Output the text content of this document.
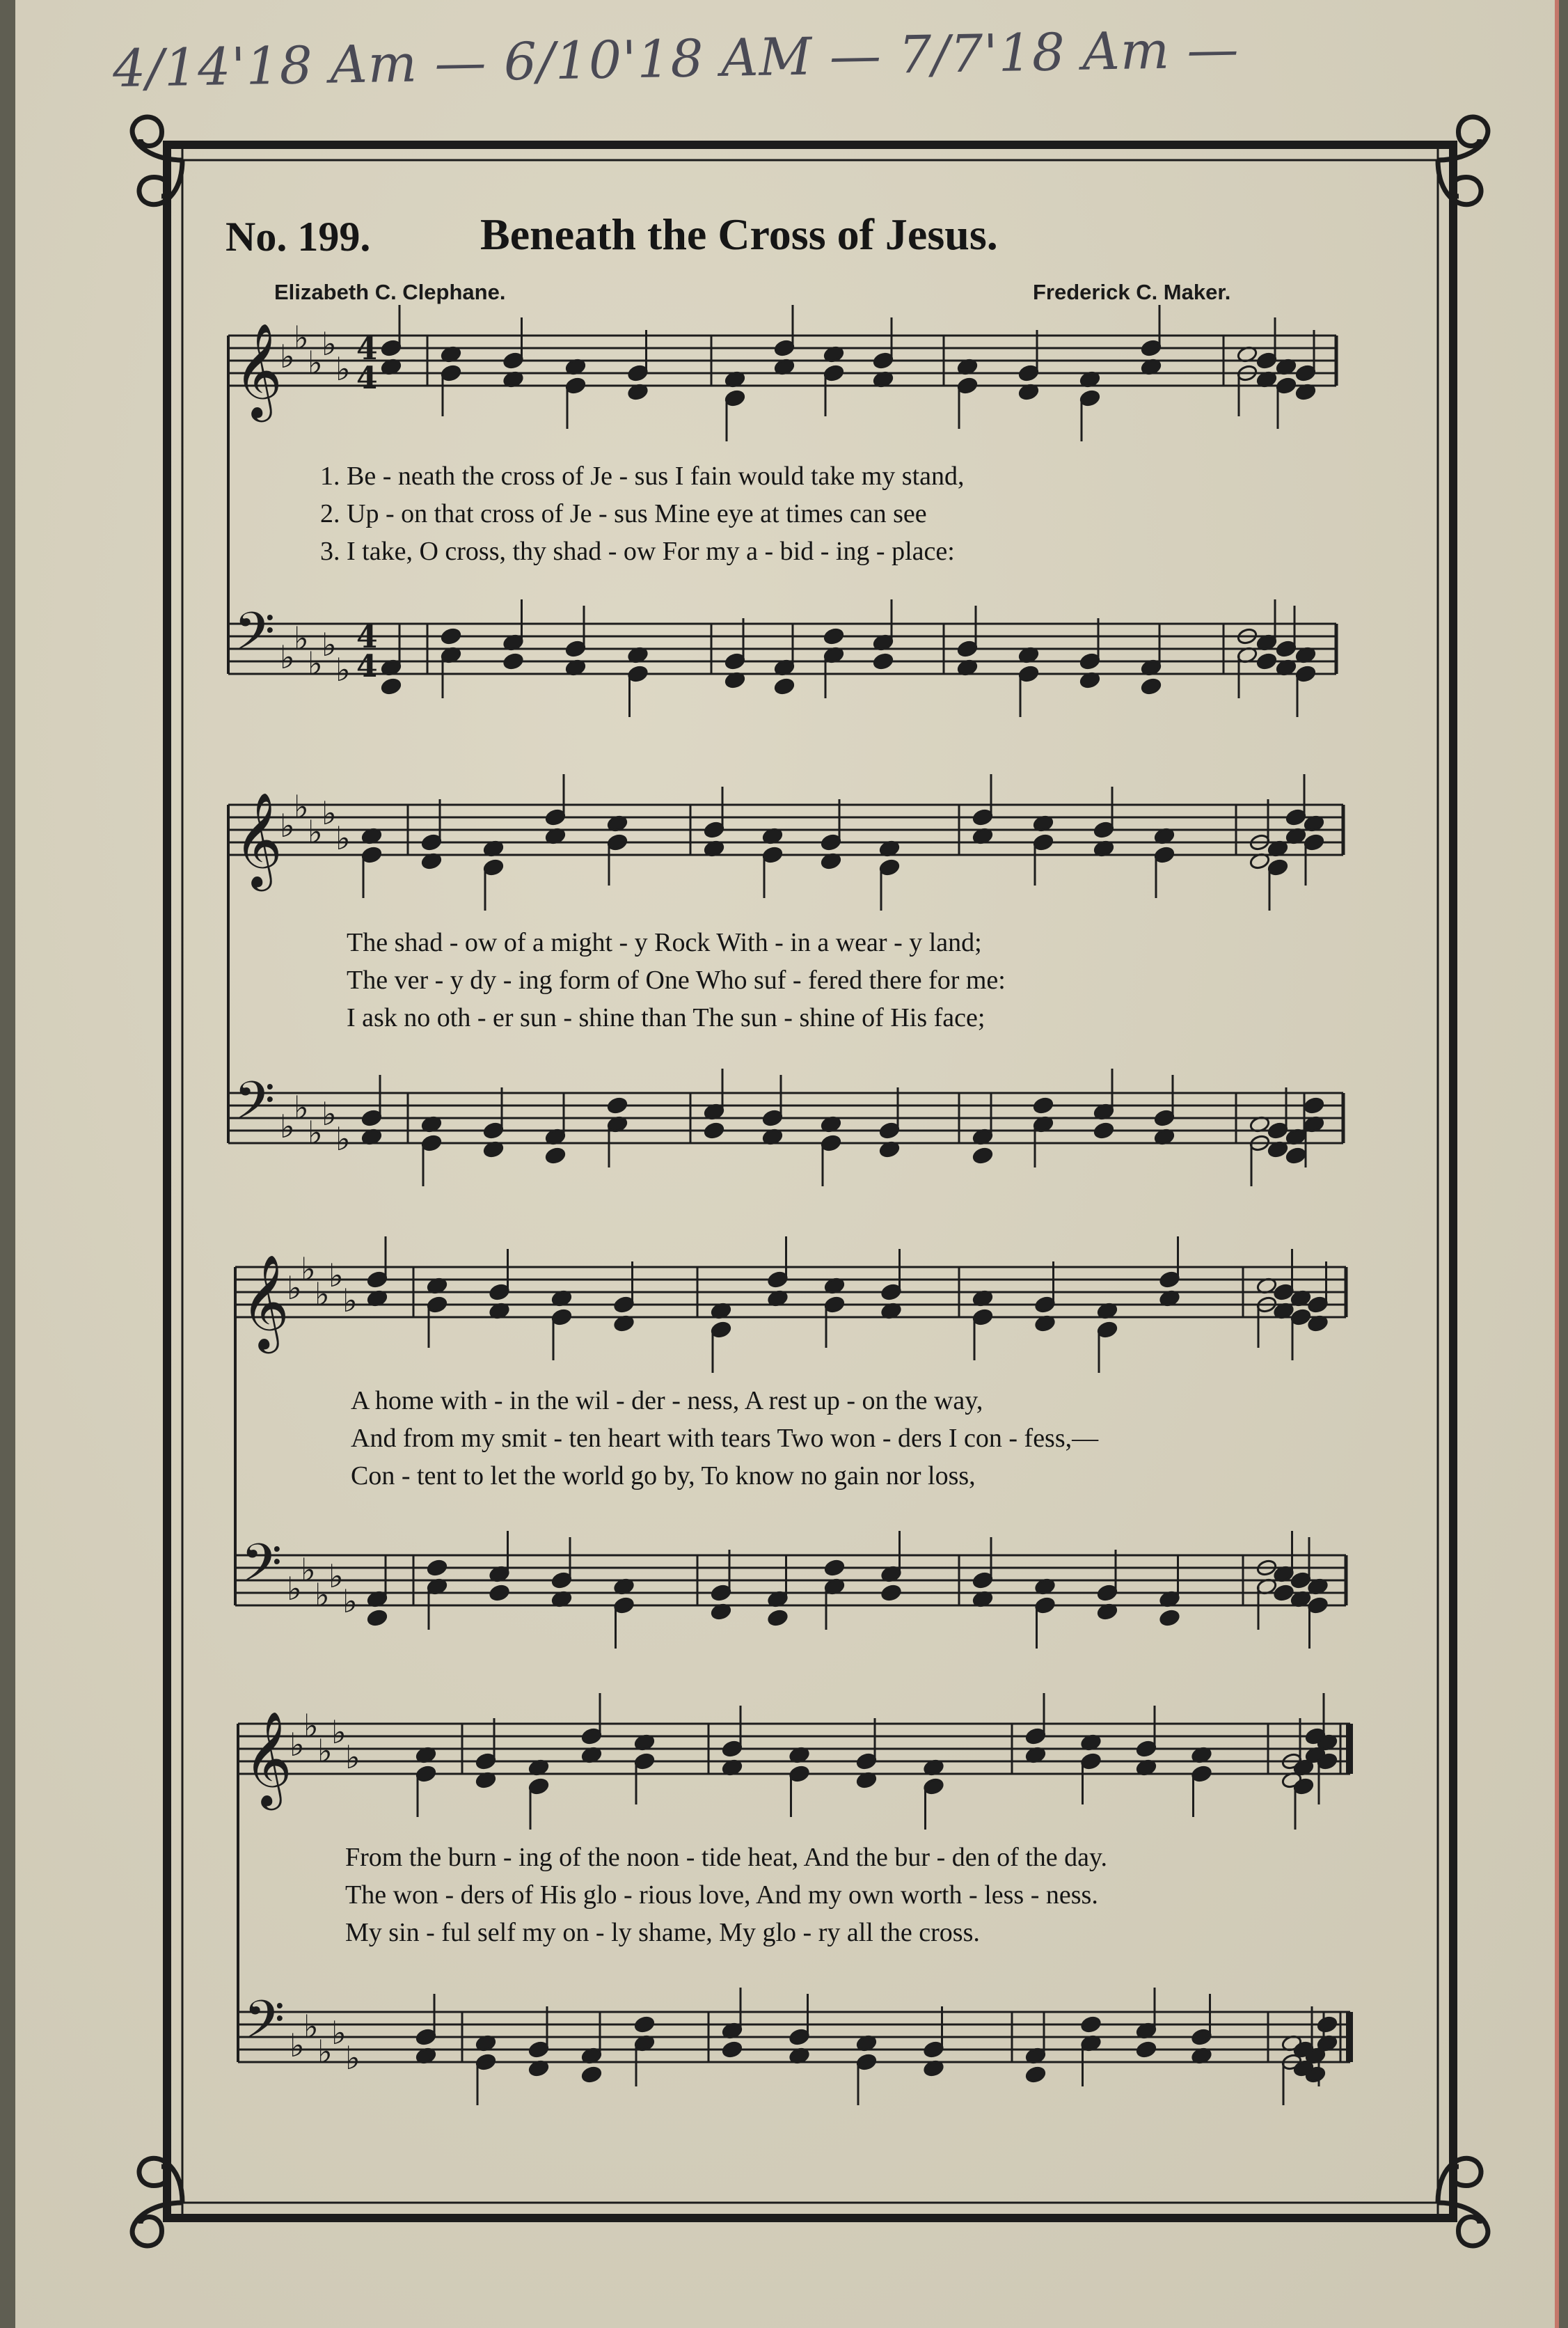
4/14'18 Am — 6/10'18 AM — 7/7'18 Am —
No. 199. Beneath the Cross of Jesus.
Elizabeth C. Clephane.	Frederick C. Maker.
𝄞
♭
♭
♭
♭
♭
4
4
𝄢 ♭
♭
♭
♭
♭
4
4
𝄞
♭
♭
♭
♭
♭
𝄢 ♭
♭
♭
♭
♭
𝄞
♭
♭
♭
♭
♭
𝄢 ♭
♭
♭
♭
♭
𝄞
♭
♭
♭
♭
♭
𝄢 ♭
♭
♭
♭
♭
1. Be - neath the cross of Je - sus I fain would take my stand,
2. Up - on that cross of Je - sus Mine eye at times can see
3. I take, O cross, thy shad - ow For my a - bid - ing - place:
The shad - ow of a might - y Rock With - in a wear - y land;
The ver - y dy - ing form of One Who suf - fered there for me:
I ask no oth - er sun - shine than The sun - shine of His face;
A home with - in the wil - der - ness, A rest up - on the way,
And from my smit - ten heart with tears Two won - ders I con - fess,—
Con - tent to let the world go by, To know no gain nor loss,
From the burn - ing of the noon - tide heat, And the bur - den of the day.
The won - ders of His glo - rious love, And my own worth - less - ness.
My sin - ful self my on - ly shame, My glo - ry all the cross.
